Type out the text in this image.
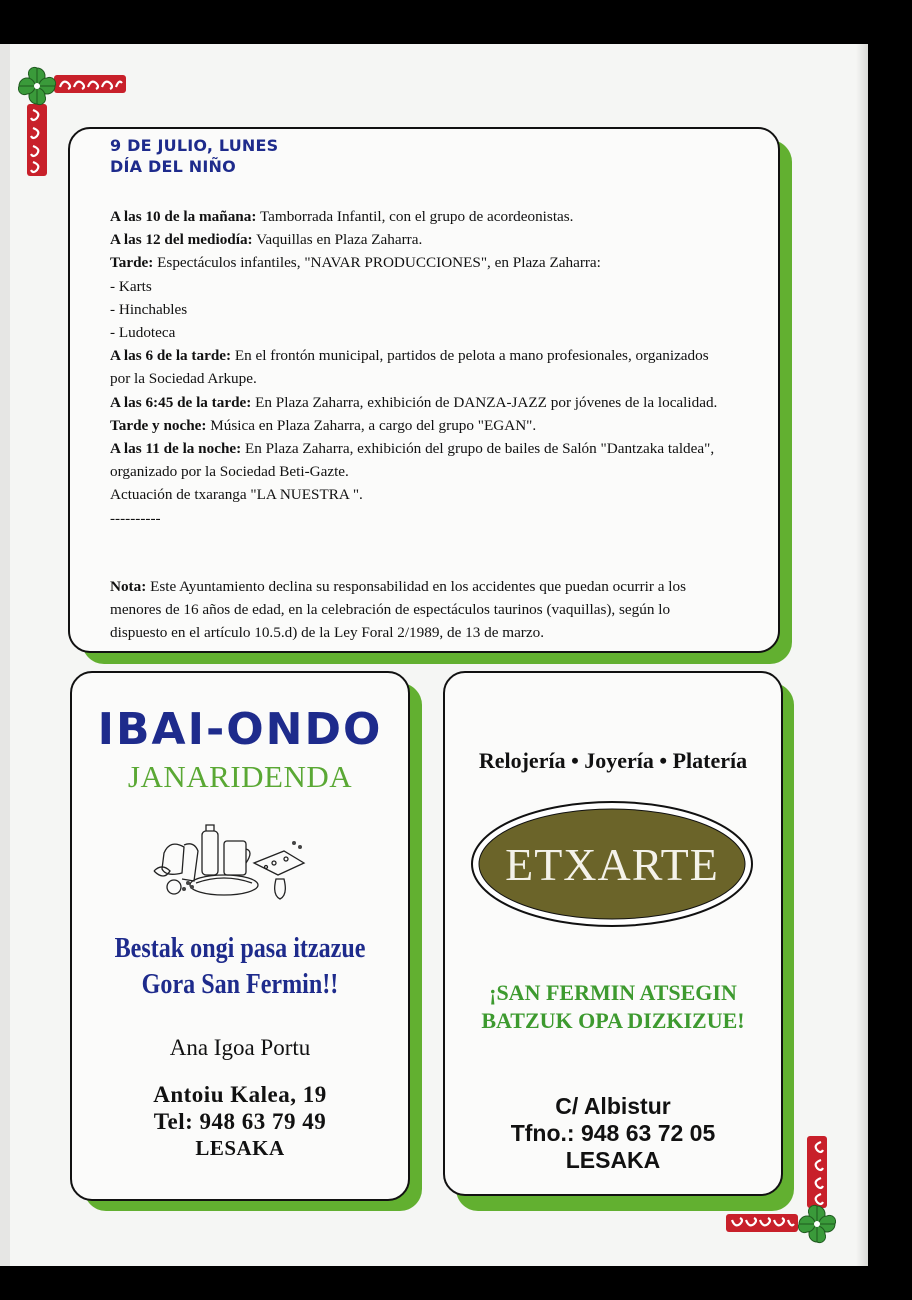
9 DE JULIO, LUNES
DÍA DEL NIÑO

A las 10 de la mañana: Tamborrada Infantil, con el grupo de acordeonistas.

A las 12 del mediodía: Vaquillas en Plaza Zaharra.

Tarde: Espectáculos infantiles, "NAVAR PRODUCCIONES", en Plaza Zaharra:

- Karts

- Hinchables

- Ludoteca

A las 6 de la tarde: En el frontón municipal, partidos de pelota a mano profesionales, organizados por la Sociedad Arkupe.

A las 6:45 de la tarde: En Plaza Zaharra, exhibición de DANZA-JAZZ por jóvenes de la localidad.

Tarde y noche: Música en Plaza Zaharra, a cargo del grupo "EGAN".

A las 11 de la noche: En Plaza Zaharra, exhibición del grupo de bailes de Salón "Dantzaka taldea", organizado por la Sociedad Beti-Gazte.

Actuación de txaranga "LA NUESTRA ".

----------

Nota: Este Ayuntamiento declina su responsabilidad en los accidentes que puedan ocurrir a los menores de 16 años de edad, en la celebración de espectáculos taurinos (vaquillas), según lo dispuesto en el artículo 10.5.d) de la Ley Foral 2/1989, de 13 de marzo.
IBAI-ONDO
JANARIDENDA
Bestak ongi pasa itzazue
Gora San Fermin!!
Ana Igoa Portu
Antoiu Kalea, 19
Tel: 948 63 79 49
LESAKA
Relojería • Joyería • Platería
ETXARTE
¡SAN FERMIN ATSEGIN
BATZUK OPA DIZKIZUE!
C/ Albistur
Tfno.: 948 63 72 05
LESAKA
